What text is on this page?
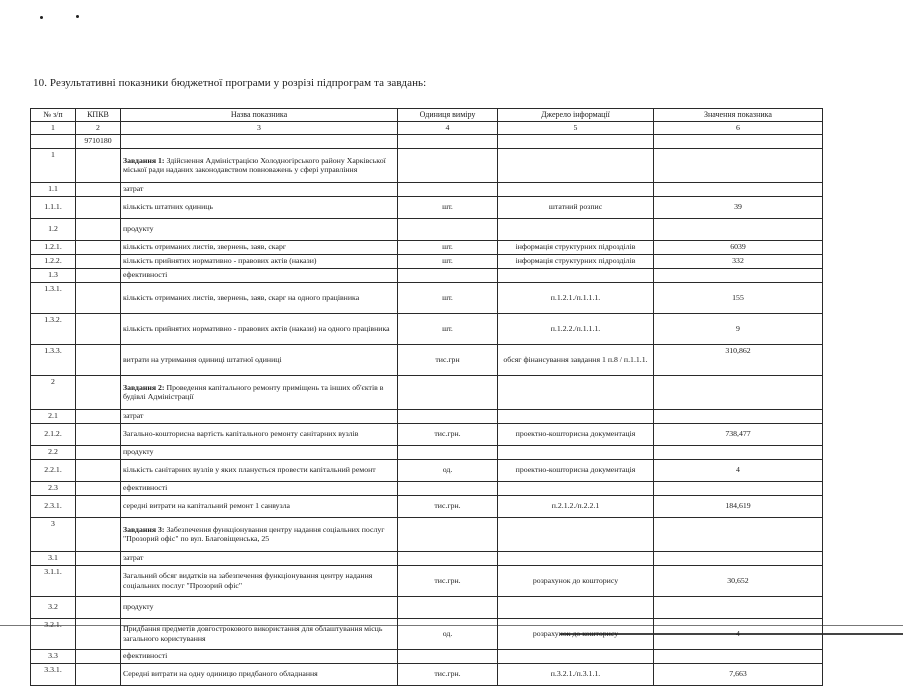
10. Результативні показники бюджетної програми у розрізі підпрограм та завдань:
№ з/п	КПКВ	Назва показника	Одиниця виміру	Джерело інформації	Значення показника
1	2	3	4	5	6
	9710180				
1		Завдання 1: Здійснення Адміністрацією Холодногірського району Харківської міської ради наданих законодавством повноважень у сфері управління			
1.1		затрат			
1.1.1.		кількість штатних одиниць	шт.	штатний розпис	39
1.2		продукту			
1.2.1.		кількість отриманих листів, звернень, заяв, скарг	шт.	інформація структурних підрозділів	6039
1.2.2.		кількість прийнятих нормативно - правових актів (накази)	шт.	інформація структурних підрозділів	332
1.3		ефективності			
1.3.1.		кількість отриманих листів, звернень, заяв, скарг на одного працівника	шт.	п.1.2.1./п.1.1.1.	155
1.3.2.		кількість прийнятих нормативно - правових актів (накази) на одного працівника	шт.	п.1.2.2./п.1.1.1.	9
1.3.3.		витрати на утримання одиниці штатної одиниці	тис.грн	обсяг фінансування завдання 1 п.8 / п.1.1.1.	310,862
2		Завдання 2: Проведення капітального ремонту приміщень та інших об'єктів в будівлі Адміністрації			
2.1		затрат			
2.1.2.		Загально-кошторисна вартість капітального ремонту санітарних вузлів	тис.грн.	проектно-кошторисна документація	738,477
2.2		продукту			
2.2.1.		кількість санітарних вузлів у яких планується провести капітальний ремонт	од.	проектно-кошторисна документація	4
2.3		ефективності			
2.3.1.		середні витрати на капітальний ремонт 1 санвузла	тис.грн.	п.2.1.2./п.2.2.1	184,619
3		Завдання 3: Забезпечення функціонування центру надання соціальних послуг "Прозорий офіс" по вул. Благовіщенська, 25			
3.1		затрат			
3.1.1.		Загальний обсяг видатків на забезпечення функціонування центру надання соціальних послуг "Прозорий офіс"	тис.грн.	розрахунок до кошторису	30,652
3.2		продукту			
3.2.1.		Придбання предметів довгострокового використання для облаштування місць загального користування	од.	розрахунок до кошторису	4
3.3		ефективності			
3.3.1.		Середні витрати на одну одиницю придбаного обладнання	тис.грн.	п.3.2.1./п.3.1.1.	7,663
